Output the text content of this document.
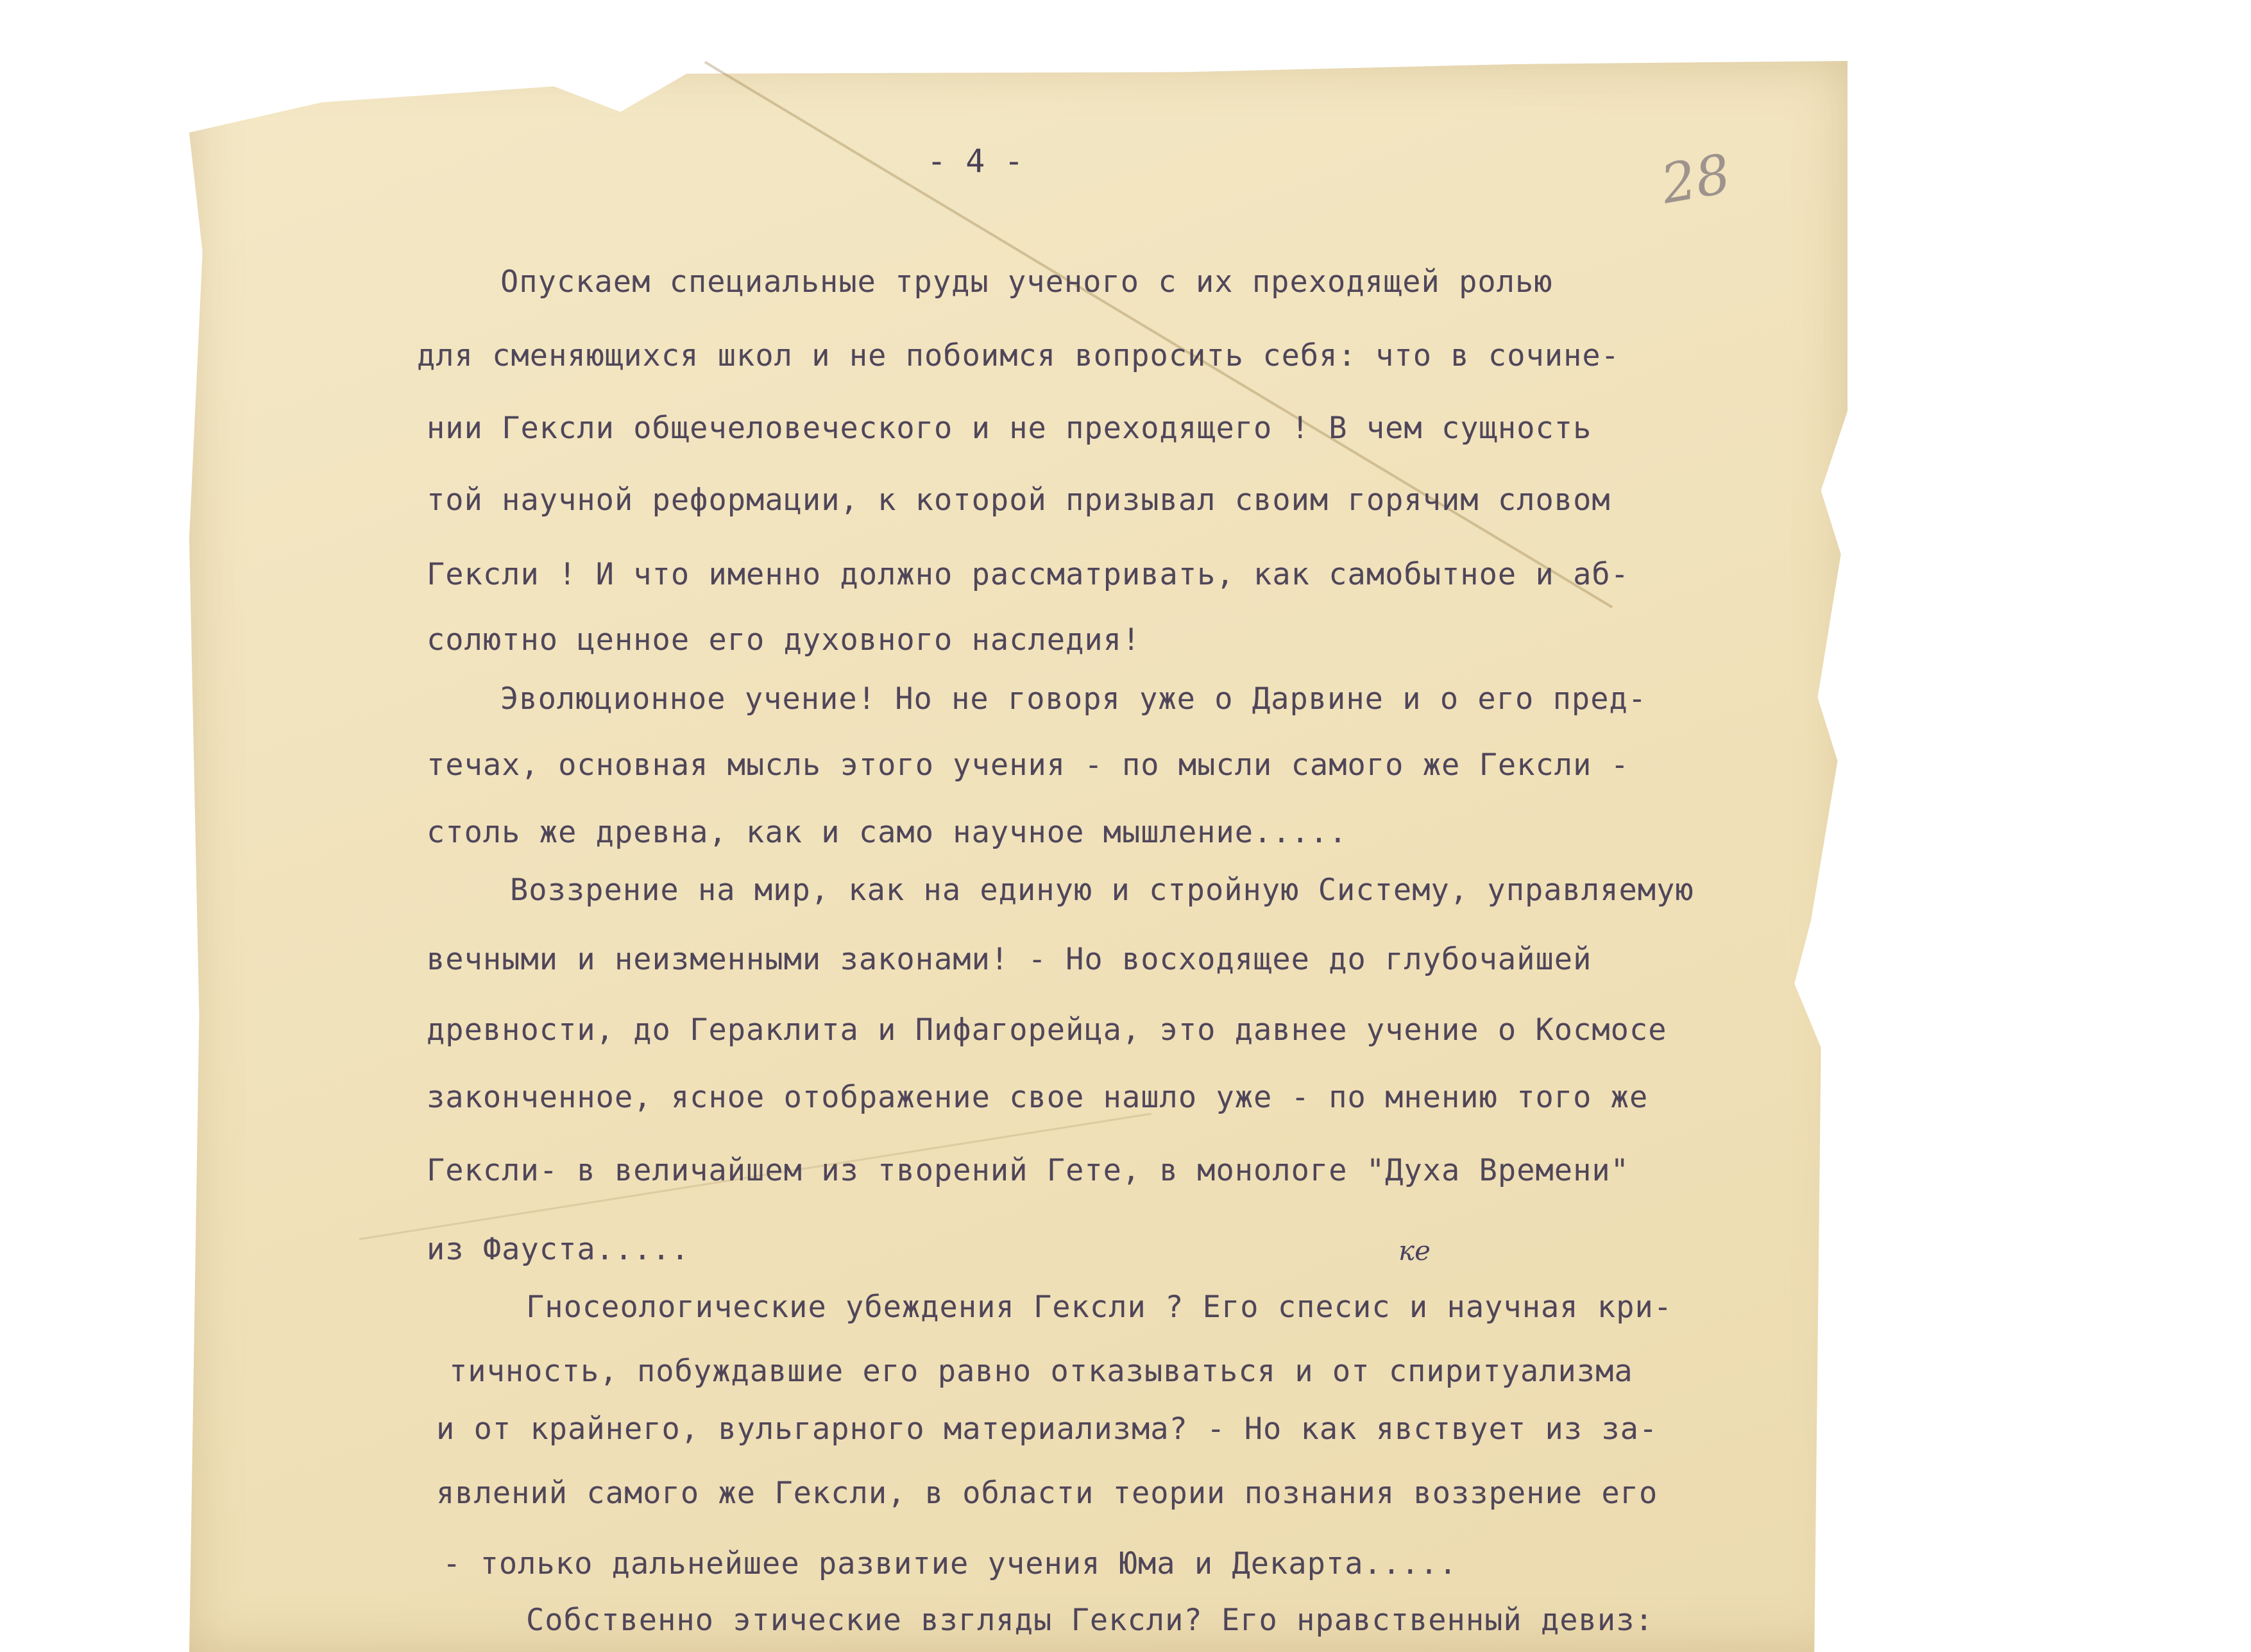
- 4 -	28
ке
Опускаем специальные труды ученого с их преходящей ролью
для сменяющихся школ и не побоимся вопросить себя: что в сочине-
нии Гексли общечеловеческого и не преходящего ! В чем сущность
той научной реформации, к которой призывал своим горячим словом
Гексли ! И что именно должно рассматривать, как самобытное и аб-
солютно ценное его духовного наследия!
Эволюционное учение! Но не говоря уже о Дарвине и о его пред-
течах, основная мысль этого учения - по мысли самого же Гексли -
столь же древна, как и само научное мышление.....
Воззрение на мир, как на единую и стройную Систему, управляемую
вечными и неизменными законами! - Но восходящее до глубочайшей
древности, до Гераклита и Пифагорейца, это давнее учение о Космосе
законченное, ясное отображение свое нашло уже - по мнению того же
Гексли- в величайшем из творений Гете, в монологе "Духа Времени"
из Фауста.....
Гносеологические убеждения Гексли ? Его спесис и научная кри-
тичность, побуждавшие его равно отказываться и от спиритуализма
и от крайнего, вульгарного материализма? - Но как явствует из за-
явлений самого же Гексли, в области теории познания воззрение его
- только дальнейшее развитие учения Юма и Декарта.....
Собственно этические взгляды Гексли? Его нравственный девиз:
